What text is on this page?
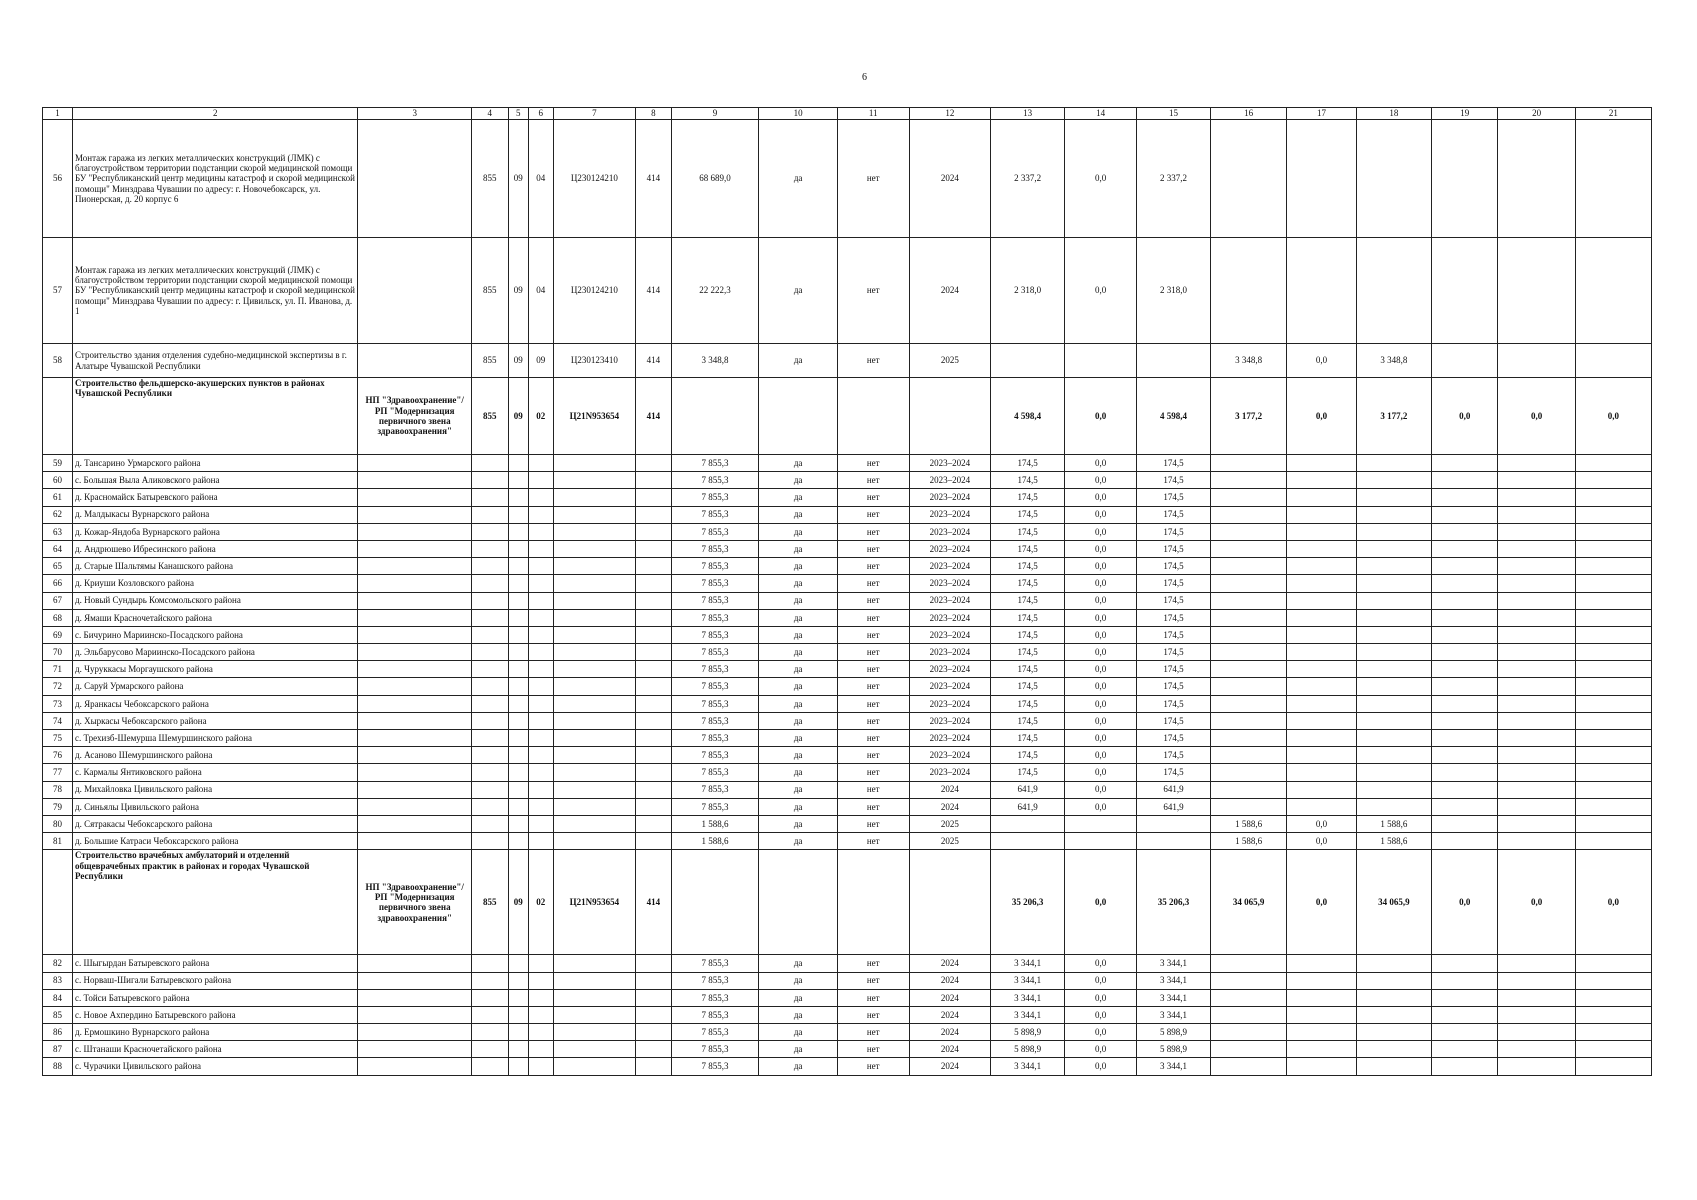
6
1	2	3	4	5	6	7	8	9	10	11	12	13	14	15	16	17	18	19	20	21
56	Монтаж гаража из легких металлических конструкций (ЛМК) с благоустройством территории подстанции скорой медицинской помощи БУ "Республиканский центр медицины катастроф и скорой медицинской помощи" Минздрава Чувашии по адресу: г. Новочебоксарск, ул. Пионерская, д. 20 корпус 6		855	09	04	Ц230124210	414	68 689,0	да	нет	2024	2 337,2	0,0	2 337,2						
57	Монтаж гаража из легких металлических конструкций (ЛМК) с благоустройством территории подстанции скорой медицинской помощи БУ "Республиканский центр медицины катастроф и скорой медицинской помощи" Минздрава Чувашии по адресу: г. Цивильск, ул. П. Иванова, д. 1		855	09	04	Ц230124210	414	22 222,3	да	нет	2024	2 318,0	0,0	2 318,0						
58	Строительство здания отделения судебно-медицинской экспертизы в г. Алатыре Чувашской Республики		855	09	09	Ц230123410	414	3 348,8	да	нет	2025				3 348,8	0,0	3 348,8			
	Строительство фельдшерско-акушерских пунктов в районах Чувашской Республики	НП "Здравоохранение"/ РП "Модернизация первичного звена здравоохранения"	855	09	02	Ц21N953654	414					4 598,4	0,0	4 598,4	3 177,2	0,0	3 177,2	0,0	0,0	0,0
59	д. Тансарино Урмарского района							7 855,3	да	нет	2023–2024	174,5	0,0	174,5						
60	с. Большая Выла Аликовского района							7 855,3	да	нет	2023–2024	174,5	0,0	174,5						
61	д. Красномайск Батыревского района							7 855,3	да	нет	2023–2024	174,5	0,0	174,5						
62	д. Малдыкасы Вурнарского района							7 855,3	да	нет	2023–2024	174,5	0,0	174,5						
63	д. Кожар-Яндоба Вурнарского района							7 855,3	да	нет	2023–2024	174,5	0,0	174,5						
64	д. Андрюшево Ибресинского района							7 855,3	да	нет	2023–2024	174,5	0,0	174,5						
65	д. Старые Шальтямы Канашского района							7 855,3	да	нет	2023–2024	174,5	0,0	174,5						
66	д. Криуши Козловского района							7 855,3	да	нет	2023–2024	174,5	0,0	174,5						
67	д. Новый Сундырь Комсомольского района							7 855,3	да	нет	2023–2024	174,5	0,0	174,5						
68	д. Ямаши Красночетайского района							7 855,3	да	нет	2023–2024	174,5	0,0	174,5						
69	с. Бичурино Мариинско-Посадского района							7 855,3	да	нет	2023–2024	174,5	0,0	174,5						
70	д. Эльбарусово Мариинско-Посадского района							7 855,3	да	нет	2023–2024	174,5	0,0	174,5						
71	д. Чуруккасы Моргаушского района							7 855,3	да	нет	2023–2024	174,5	0,0	174,5						
72	д. Саруй Урмарского района							7 855,3	да	нет	2023–2024	174,5	0,0	174,5						
73	д. Яранкасы Чебоксарского района							7 855,3	да	нет	2023–2024	174,5	0,0	174,5						
74	д. Хыркасы Чебоксарского района							7 855,3	да	нет	2023–2024	174,5	0,0	174,5						
75	с. Трехизб-Шемурша Шемуршинского района							7 855,3	да	нет	2023–2024	174,5	0,0	174,5						
76	д. Асаново Шемуршинского района							7 855,3	да	нет	2023–2024	174,5	0,0	174,5						
77	с. Кармалы Янтиковского района							7 855,3	да	нет	2023–2024	174,5	0,0	174,5						
78	д. Михайловка Цивильского района							7 855,3	да	нет	2024	641,9	0,0	641,9						
79	д. Синьялы Цивильского района							7 855,3	да	нет	2024	641,9	0,0	641,9						
80	д. Сятракасы Чебоксарского района							1 588,6	да	нет	2025				1 588,6	0,0	1 588,6			
81	д. Большие Катраси Чебоксарского района							1 588,6	да	нет	2025				1 588,6	0,0	1 588,6			
	Строительство врачебных амбулаторий и отделений общеврачебных практик в районах и городах Чувашской Республики	НП "Здравоохранение"/ РП "Модернизация первичного звена здравоохранения"	855	09	02	Ц21N953654	414					35 206,3	0,0	35 206,3	34 065,9	0,0	34 065,9	0,0	0,0	0,0
82	с. Шыгырдан Батыревского района							7 855,3	да	нет	2024	3 344,1	0,0	3 344,1						
83	с. Норваш-Шигали Батыревского района							7 855,3	да	нет	2024	3 344,1	0,0	3 344,1						
84	с. Тойси Батыревского района							7 855,3	да	нет	2024	3 344,1	0,0	3 344,1						
85	с. Новое Ахпердино Батыревского района							7 855,3	да	нет	2024	3 344,1	0,0	3 344,1						
86	д. Ермошкино Вурнарского района							7 855,3	да	нет	2024	5 898,9	0,0	5 898,9						
87	с. Штанаши Красночетайского района							7 855,3	да	нет	2024	5 898,9	0,0	5 898,9						
88	с. Чурачики Цивильского района							7 855,3	да	нет	2024	3 344,1	0,0	3 344,1						
